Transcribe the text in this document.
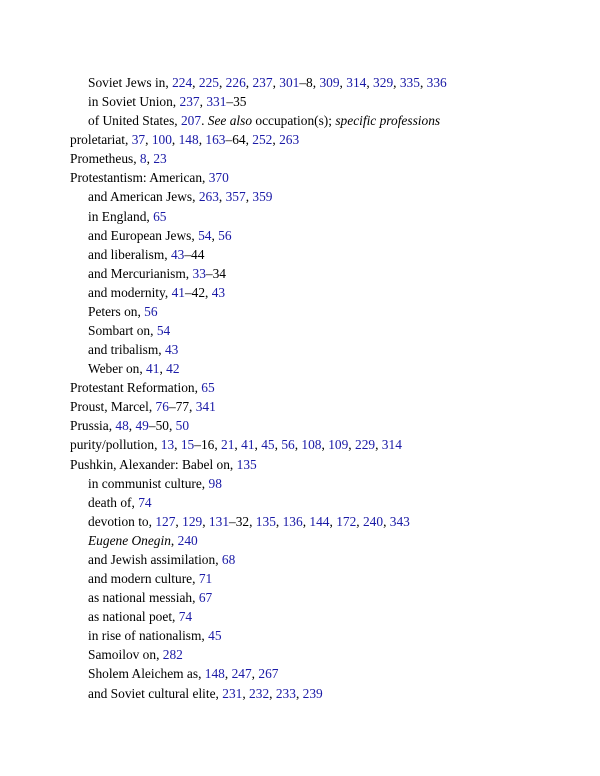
Soviet Jews in, 224, 225, 226, 237, 301–8, 309, 314, 329, 335, 336
in Soviet Union, 237, 331–35
of United States, 207. See also occupation(s); specific professions
proletariat, 37, 100, 148, 163–64, 252, 263
Prometheus, 8, 23
Protestantism: American, 370
and American Jews, 263, 357, 359
in England, 65
and European Jews, 54, 56
and liberalism, 43–44
and Mercurianism, 33–34
and modernity, 41–42, 43
Peters on, 56
Sombart on, 54
and tribalism, 43
Weber on, 41, 42
Protestant Reformation, 65
Proust, Marcel, 76–77, 341
Prussia, 48, 49–50, 50
purity/pollution, 13, 15–16, 21, 41, 45, 56, 108, 109, 229, 314
Pushkin, Alexander: Babel on, 135
in communist culture, 98
death of, 74
devotion to, 127, 129, 131–32, 135, 136, 144, 172, 240, 343
Eugene Onegin, 240
and Jewish assimilation, 68
and modern culture, 71
as national messiah, 67
as national poet, 74
in rise of nationalism, 45
Samoilov on, 282
Sholem Aleichem as, 148, 247, 267
and Soviet cultural elite, 231, 232, 233, 239
